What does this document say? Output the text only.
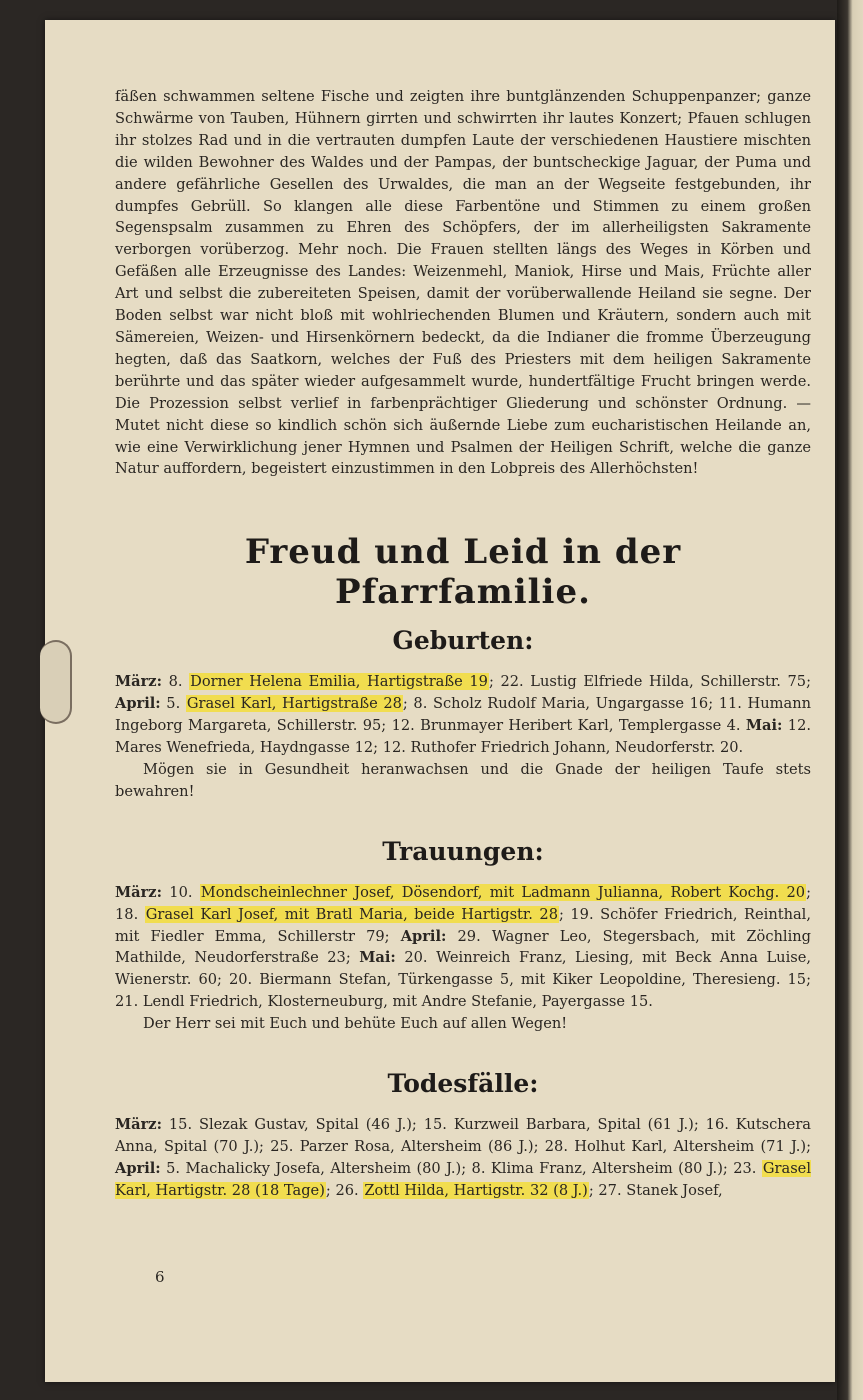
fäßen schwammen seltene Fische und zeigten ihre buntglänzenden Schuppenpanzer; ganze Schwärme von Tauben, Hühnern girrten und schwirrten ihr lautes Konzert; Pfauen schlugen ihr stolzes Rad und in die vertrauten dumpfen Laute der verschiedenen Haustiere mischten die wilden Bewohner des Waldes und der Pampas, der buntscheckige Jaguar, der Puma und andere gefährliche Gesellen des Urwaldes, die man an der Wegseite festgebunden, ihr dumpfes Gebrüll. So klangen alle diese Farbentöne und Stimmen zu einem großen Segenspsalm zusammen zu Ehren des Schöpfers, der im allerheiligsten Sakramente verborgen vorüberzog. Mehr noch. Die Frauen stellten längs des Weges in Körben und Gefäßen alle Erzeugnisse des Landes: Weizenmehl, Maniok, Hirse und Mais, Früchte aller Art und selbst die zubereiteten Speisen, damit der vorüberwallende Heiland sie segne. Der Boden selbst war nicht bloß mit wohlriechenden Blumen und Kräutern, sondern auch mit Sämereien, Weizen- und Hirsenkörnern bedeckt, da die Indianer die fromme Überzeugung hegten, daß das Saatkorn, welches der Fuß des Priesters mit dem heiligen Sakramente berührte und das später wieder aufgesammelt wurde, hundertfältige Frucht bringen werde. Die Prozession selbst verlief in farbenprächtiger Gliederung und schönster Ordnung. — Mutet nicht diese so kindlich schön sich äußernde Liebe zum eucharistischen Heilande an, wie eine Verwirklichung jener Hymnen und Psalmen der Heiligen Schrift, welche die ganze Natur auffordern, begeistert einzustimmen in den Lobpreis des Allerhöchsten!

Freud und Leid in der Pfarrfamilie.
Geburten:

März: 8. Dorner Helena Emilia, Hartigstraße 19; 22. Lustig Elfriede Hilda, Schillerstr. 75; April: 5. Grasel Karl, Hartigstraße 28; 8. Scholz Rudolf Maria, Ungargasse 16; 11. Humann Ingeborg Margareta, Schillerstr. 95; 12. Brunmayer Heribert Karl, Templergasse 4. Mai: 12. Mares Wenefrieda, Haydngasse 12; 12. Ruthofer Friedrich Johann, Neudorferstr. 20.

Mögen sie in Gesundheit heranwachsen und die Gnade der heiligen Taufe stets bewahren!

Trauungen:

März: 10. Mondscheinlechner Josef, Dösendorf, mit Ladmann Julianna, Robert Kochg. 20; 18. Grasel Karl Josef, mit Bratl Maria, beide Hartigstr. 28; 19. Schöfer Friedrich, Reinthal, mit Fiedler Emma, Schillerstr 79; April: 29. Wagner Leo, Stegersbach, mit Zöchling Mathilde, Neudorferstraße 23; Mai: 20. Weinreich Franz, Liesing, mit Beck Anna Luise, Wienerstr. 60; 20. Biermann Stefan, Türkengasse 5, mit Kiker Leopoldine, Theresieng. 15; 21. Lendl Friedrich, Klosterneuburg, mit Andre Stefanie, Payergasse 15.

Der Herr sei mit Euch und behüte Euch auf allen Wegen!

Todesfälle:

März: 15. Slezak Gustav, Spital (46 J.); 15. Kurzweil Barbara, Spital (61 J.); 16. Kutschera Anna, Spital (70 J.); 25. Parzer Rosa, Altersheim (86 J.); 28. Holhut Karl, Altersheim (71 J.); April: 5. Machalicky Josefa, Altersheim (80 J.); 8. Klima Franz, Altersheim (80 J.); 23. Grasel Karl, Hartigstr. 28 (18 Tage); 26. Zottl Hilda, Hartigstr. 32 (8 J.); 27. Stanek Josef,

6
